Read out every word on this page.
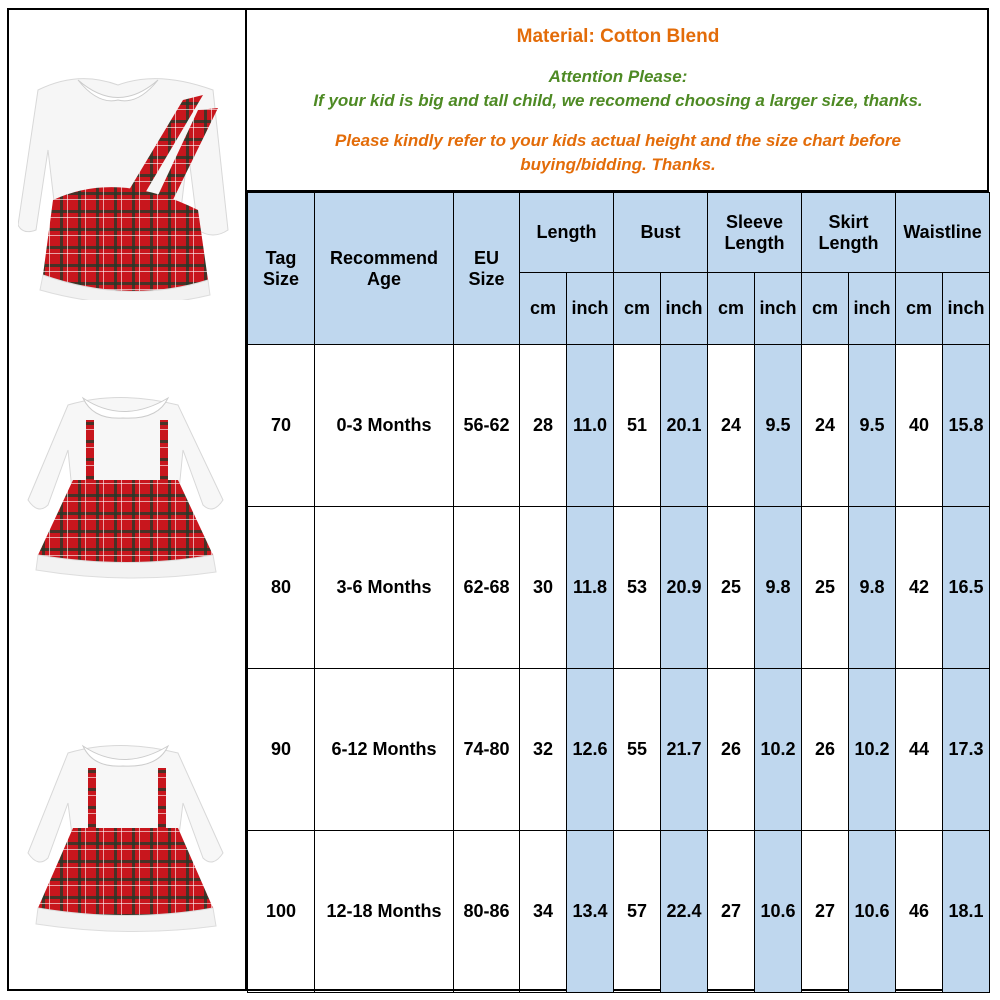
Material: Cotton Blend
Attention Please:
If your kid is big and tall child, we recomend choosing a larger size, thanks.
Please kindly refer to your kids actual height and the size chart before buying/bidding. Thanks.
Tag Size	Recommend Age	EU Size	Length		Bust		Sleeve Length		Skirt Length		Waistline	
			cm	inch	cm	inch	cm	inch	cm	inch	cm	inch
70	0-3 Months	56-62	28	11.0	51	20.1	24	9.5	24	9.5	40	15.8
80	3-6 Months	62-68	30	11.8	53	20.9	25	9.8	25	9.8	42	16.5
90	6-12 Months	74-80	32	12.6	55	21.7	26	10.2	26	10.2	44	17.3
100	12-18 Months	80-86	34	13.4	57	22.4	27	10.6	27	10.6	46	18.1
